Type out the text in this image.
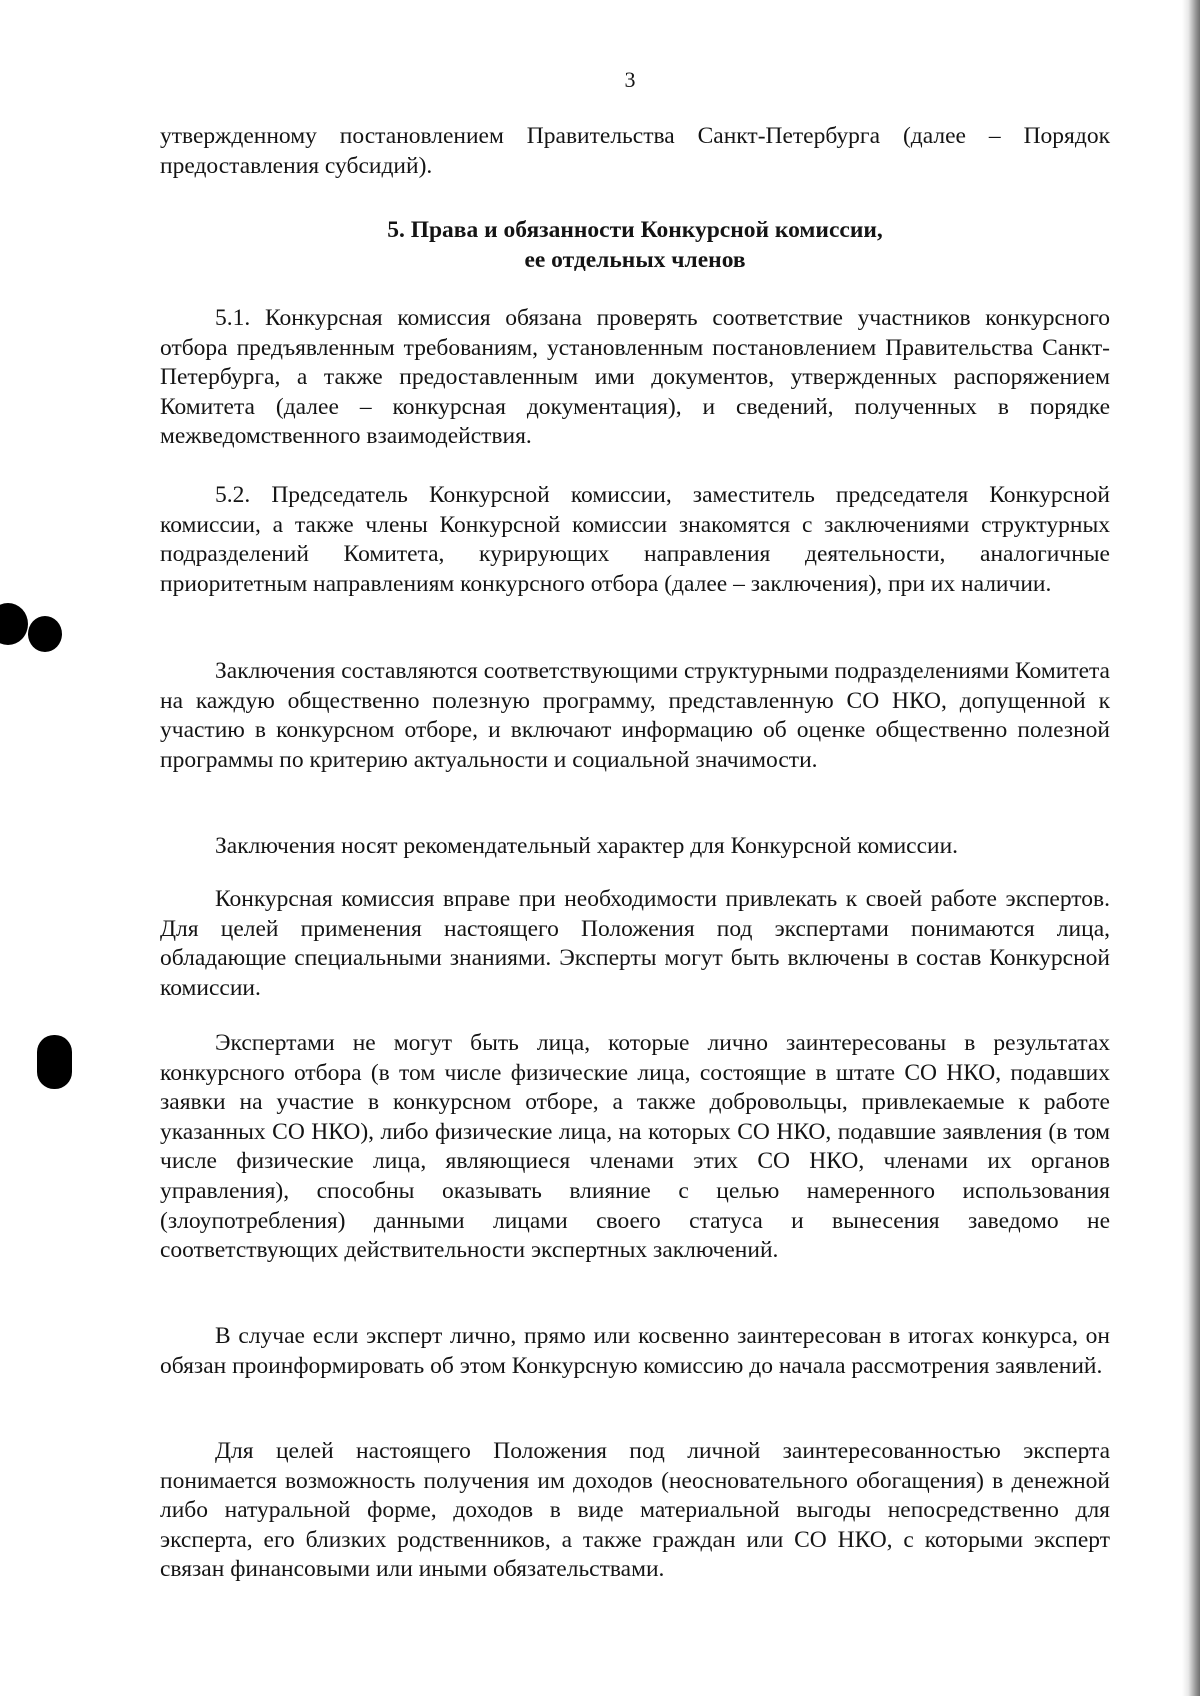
3

утвержденному постановлением Правительства Санкт-Петербурга (далее – Порядок предоставления субсидий).

5. Права и обязанности Конкурсной комиссии,
ее отдельных членов

5.1. Конкурсная комиссия обязана проверять соответствие участников конкурсного отбора предъявленным требованиям, установленным постановлением Правительства Санкт-Петербурга, а также предоставленным ими документов, утвержденных распоряжением Комитета (далее – конкурсная документация), и сведений, полученных в порядке межведомственного взаимодействия.

5.2. Председатель Конкурсной комиссии, заместитель председателя Конкурсной комиссии, а также члены Конкурсной комиссии знакомятся с заключениями структурных подразделений Комитета, курирующих направления деятельности, аналогичные приоритетным направлениям конкурсного отбора (далее – заключения), при их наличии.

Заключения составляются соответствующими структурными подразделениями Комитета на каждую общественно полезную программу, представленную СО НКО, допущенной к участию в конкурсном отборе, и включают информацию об оценке общественно полезной программы по критерию актуальности и социальной значимости.

Заключения носят рекомендательный характер для Конкурсной комиссии.

Конкурсная комиссия вправе при необходимости привлекать к своей работе экспертов. Для целей применения настоящего Положения под экспертами понимаются лица, обладающие специальными знаниями. Эксперты могут быть включены в состав Конкурсной комиссии.

Экспертами не могут быть лица, которые лично заинтересованы в результатах конкурсного отбора (в том числе физические лица, состоящие в штате СО НКО, подавших заявки на участие в конкурсном отборе, а также добровольцы, привлекаемые к работе указанных СО НКО), либо физические лица, на которых СО НКО, подавшие заявления (в том числе физические лица, являющиеся членами этих СО НКО, членами их органов управления), способны оказывать влияние с целью намеренного использования (злоупотребления) данными лицами своего статуса и вынесения заведомо не соответствующих действительности экспертных заключений.

В случае если эксперт лично, прямо или косвенно заинтересован в итогах конкурса, он обязан проинформировать об этом Конкурсную комиссию до начала рассмотрения заявлений.

Для целей настоящего Положения под личной заинтересованностью эксперта понимается возможность получения им доходов (неосновательного обогащения) в денежной либо натуральной форме, доходов в виде материальной выгоды непосредственно для эксперта, его близких родственников, а также граждан или СО НКО, с которыми эксперт связан финансовыми или иными обязательствами.
